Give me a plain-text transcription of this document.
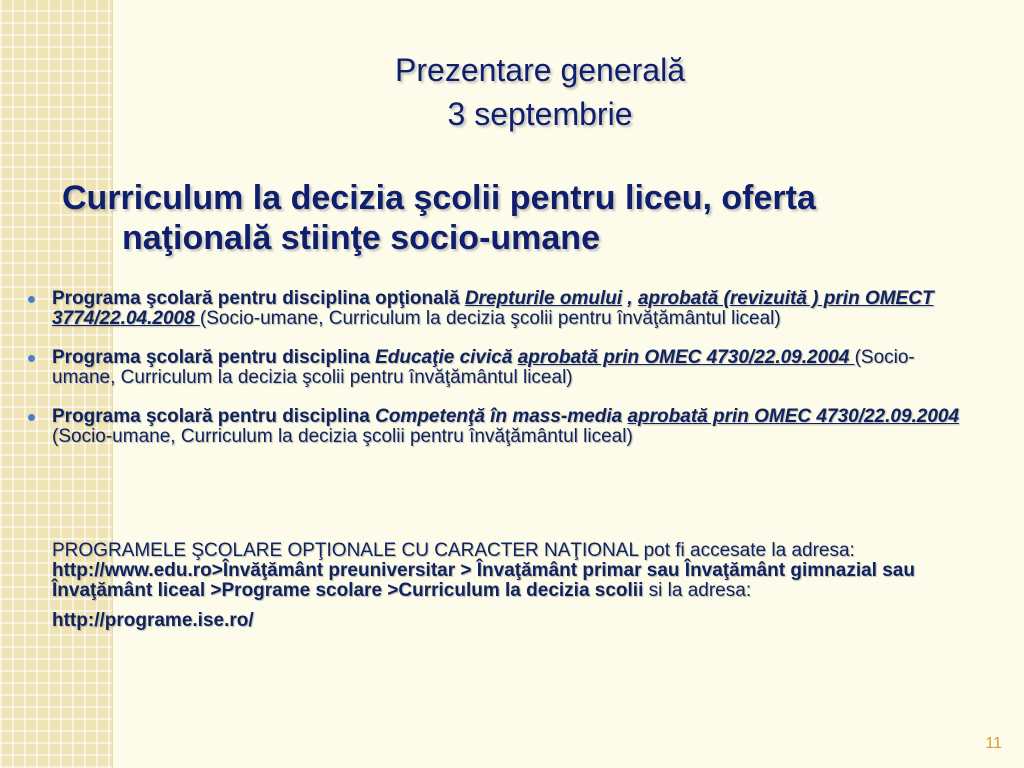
Prezentare generală
3 septembrie
Curriculum la decizia şcolii pentru liceu, oferta naţională stiinţe socio-umane
Programa şcolară pentru disciplina opţională Drepturile omului , aprobată (revizuită ) prin OMECT 3774/22.04.2008 (Socio-umane, Curriculum la decizia şcolii pentru învăţământul liceal)
Programa şcolară pentru disciplina Educaţie civică aprobată prin OMEC 4730/22.09.2004 (Socio-umane, Curriculum la decizia şcolii pentru învăţământul liceal)
Programa şcolară pentru disciplina Competenţă în mass-media aprobată prin OMEC 4730/22.09.2004 (Socio-umane, Curriculum la decizia şcolii pentru învăţământul liceal)

PROGRAMELE ŞCOLARE OPŢIONALE CU CARACTER NAŢIONAL pot fi accesate la adresa: http://www.edu.ro>Învăţământ preuniversitar > Învaţământ primar sau Învaţământ gimnazial sau Învaţământ liceal >Programe scolare >Curriculum la decizia scolii si la adresa:

http://programe.ise.ro/

11
